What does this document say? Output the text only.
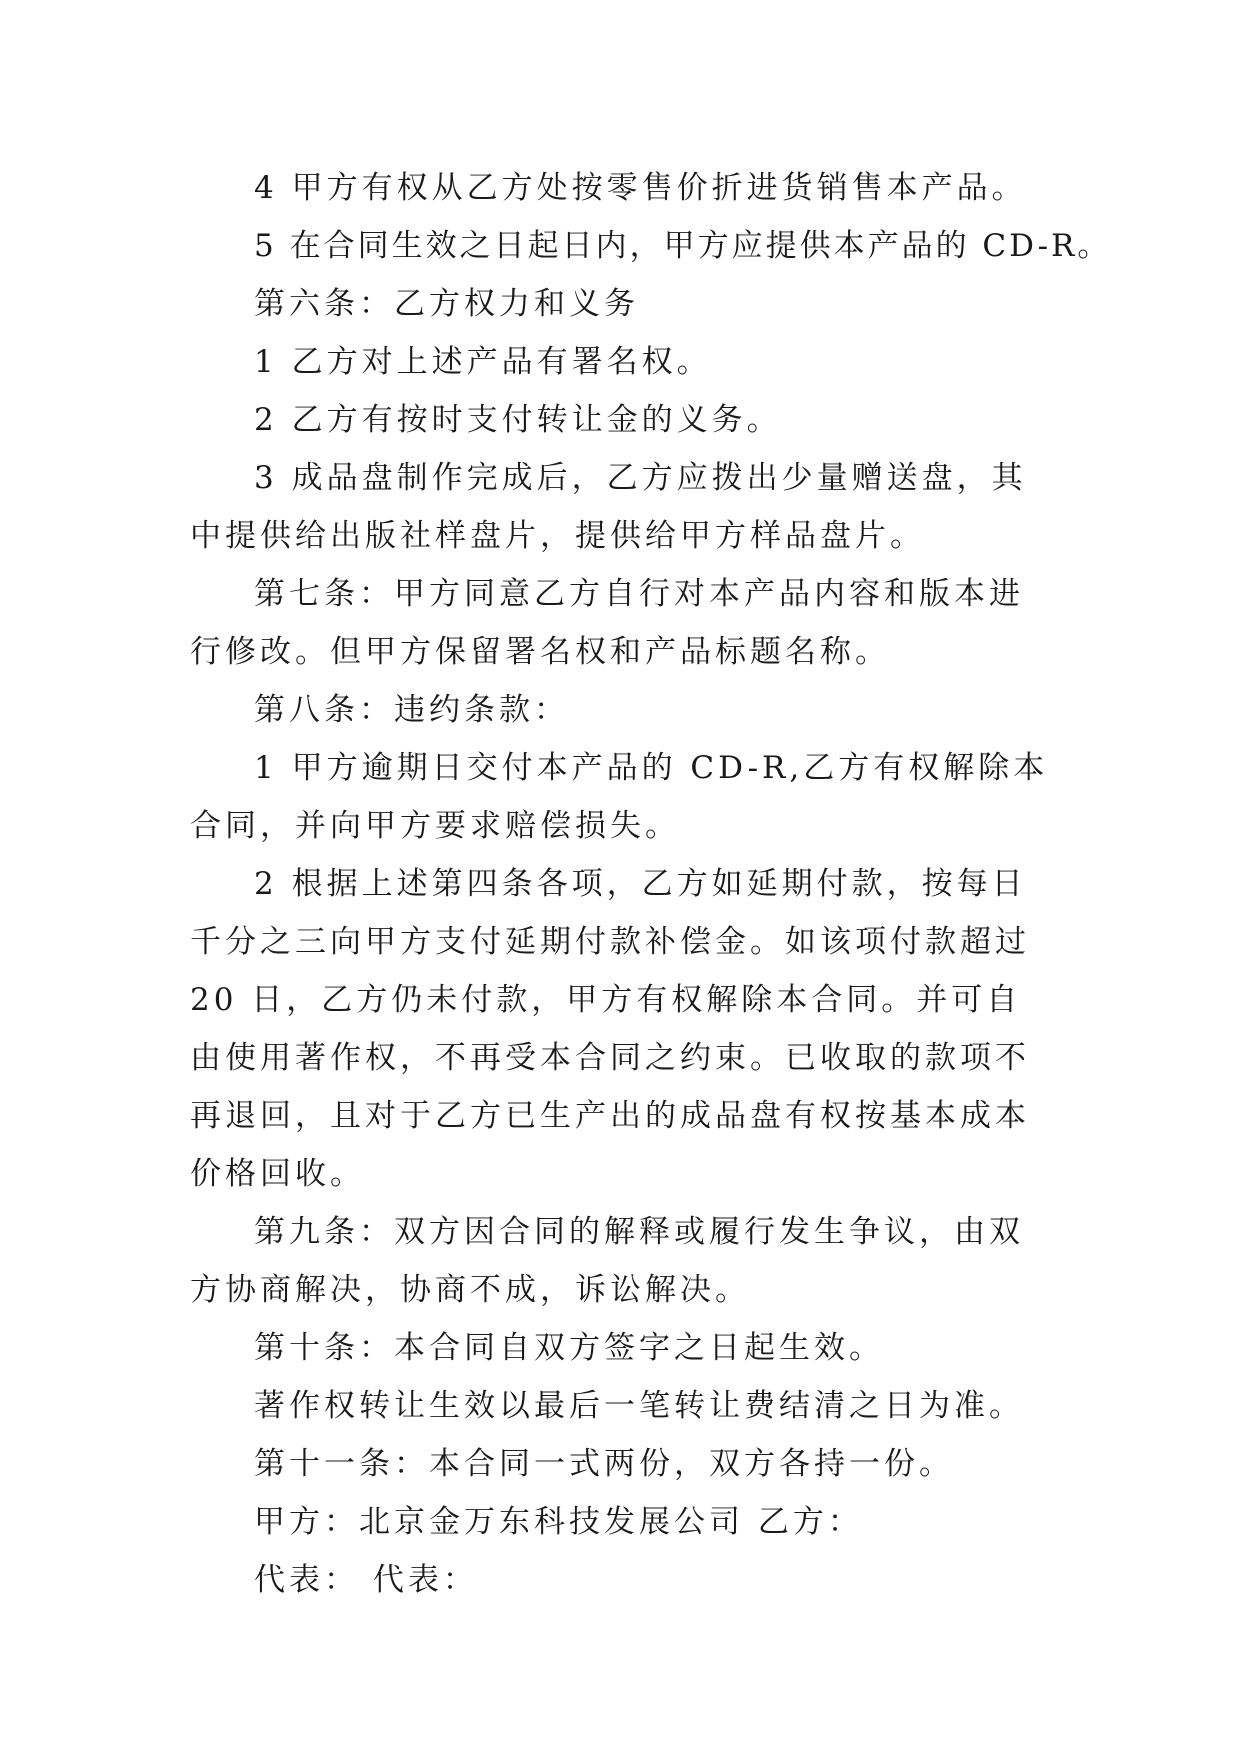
4 甲方有权从乙方处按零售价折进货销售本产品。

5 在合同生效之日起日内，甲方应提供本产品的 CD-R。

第六条：乙方权力和义务

1 乙方对上述产品有署名权。

2 乙方有按时支付转让金的义务。

3 成品盘制作完成后，乙方应拨出少量赠送盘，其中提供给出版社样盘片，提供给甲方样品盘片。

第七条：甲方同意乙方自行对本产品内容和版本进行修改。但甲方保留署名权和产品标题名称。

第八条：违约条款：

1 甲方逾期日交付本产品的 CD-R,乙方有权解除本合同，并向甲方要求赔偿损失。

2 根据上述第四条各项，乙方如延期付款，按每日千分之三向甲方支付延期付款补偿金。如该项付款超过 20 日，乙方仍未付款，甲方有权解除本合同。并可自由使用著作权，不再受本合同之约束。已收取的款项不再退回，且对于乙方已生产出的成品盘有权按基本成本价格回收。

第九条：双方因合同的解释或履行发生争议，由双方协商解决，协商不成，诉讼解决。

第十条：本合同自双方签字之日起生效。

著作权转让生效以最后一笔转让费结清之日为准。

第十一条：本合同一式两份，双方各持一份。

甲方：北京金万东科技发展公司 乙方：

代表： 代表：
